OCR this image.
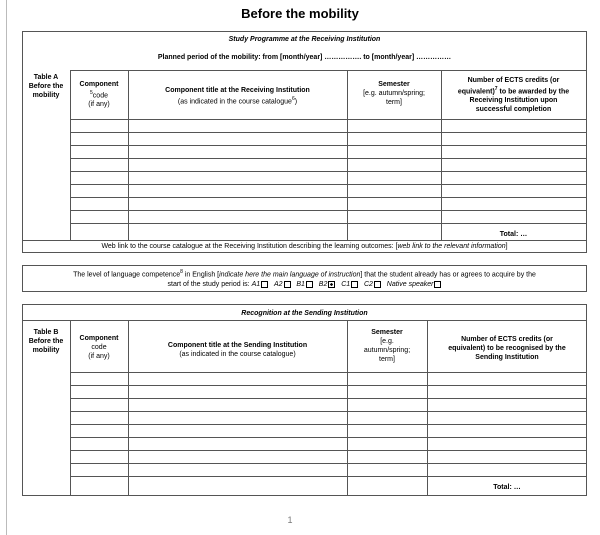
Before the mobility
Study Programme at the Receiving Institution
Planned period of the mobility: from [month/year] ……………. to [month/year] ……………
Table A Before the mobility
Component
$^5$code
(if any)
Component title at the Receiving Institution
(as indicated in the course catalogue$^6$)
Semester
[e.g. autumn/spring;
term]
Number of ECTS credits (or
equivalent)$^7$ to be awarded by the
Receiving Institution upon
successful completion
Total: …
Web link to the course catalogue at the Receiving Institution describing the learning outcomes: [web link to the relevant information]
The level of language competence$^8$ in English [indicate here the main language of instruction] that the student already has or agrees to acquire by the
start of the study period is: A1 A2 B1 B2 C1 C2 Native speaker
Recognition at the Sending Institution
Table B Before the mobility
Component
code
(if any)
Component title at the Sending Institution
(as indicated in the course catalogue)
Semester
[e.g.
autumn/spring;
term]
Number of ECTS credits (or
equivalent) to be recognised by the
Sending Institution
Total: …
1
